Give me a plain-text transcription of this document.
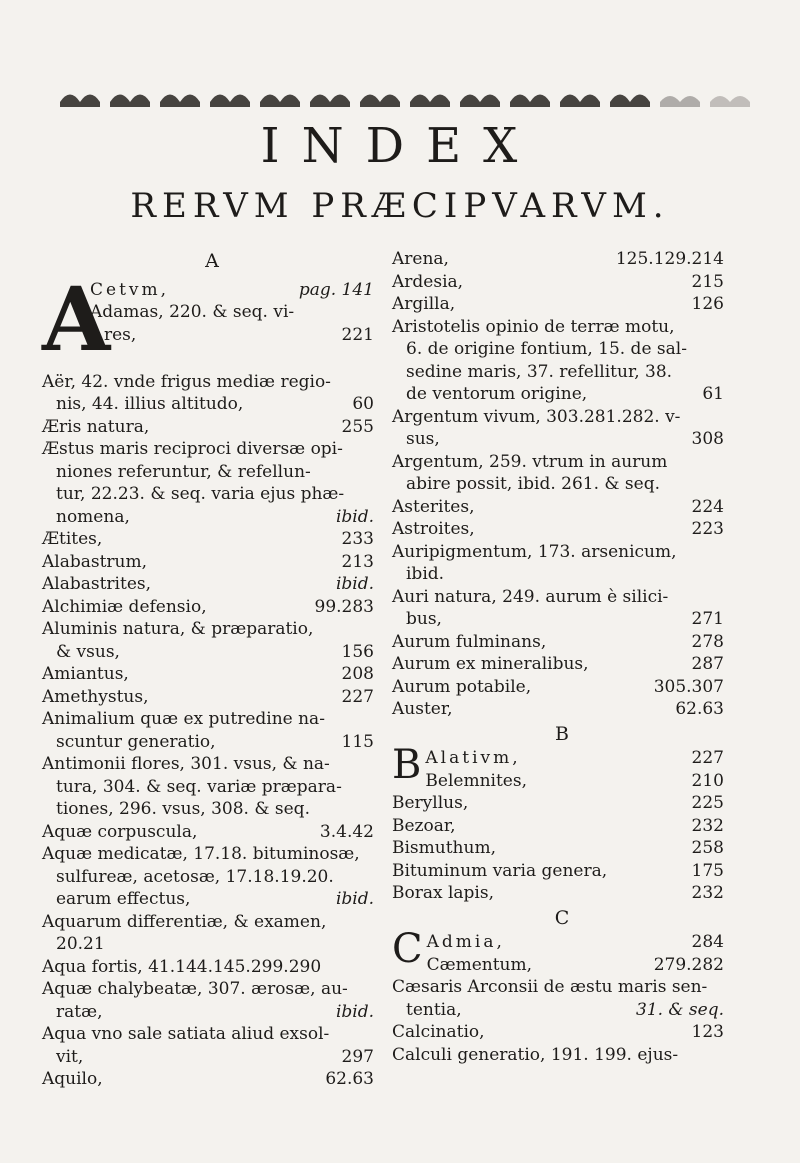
INDEX
RERVM PRÆCIPVARVM.
A
A
Cetvm,	pag. 141
Adamas, 220. & seq. vi-
res,	221
Aër, 42. vnde frigus mediæ regio-
nis, 44. illius altitudo,	60
Æris natura,	255
Æstus maris reciproci diversæ opi-
niones referuntur, & refellun-
tur, 22.23. & seq. varia ejus phæ-
nomena,	ibid.
Ætites,	233
Alabastrum,	213
Alabastrites,	ibid.
Alchimiæ defensio,	99.283
Aluminis natura, & præparatio,
& vsus,	156
Amiantus,	208
Amethystus,	227
Animalium quæ ex putredine na-
scuntur generatio,	115
Antimonii flores, 301. vsus, & na-
tura, 304. & seq. variæ præpara-
tiones, 296. vsus, 308. & seq.
Aquæ corpuscula,	3.4.42
Aquæ medicatæ, 17.18. bituminosæ,
sulfureæ, acetosæ, 17.18.19.20.
earum effectus,	ibid.
Aquarum differentiæ, & examen,
20.21
Aqua fortis, 41.144.145.299.290
Aquæ chalybeatæ, 307. ærosæ, au-
ratæ,	ibid.
Aqua vno sale satiata aliud exsol-
vit,	297
Aquilo,	62.63
Arena,	125.129.214
Ardesia,	215
Argilla,	126
Aristotelis opinio de terræ motu,
6. de origine fontium, 15. de sal-
sedine maris, 37. refellitur, 38.
de ventorum origine,	61
Argentum vivum, 303.281.282. v-
sus,	308
Argentum, 259. vtrum in aurum
abire possit, ibid. 261. & seq.
Asterites,	224
Astroites,	223
Auripigmentum, 173. arsenicum,
ibid.
Auri natura, 249. aurum è silici-
bus,	271
Aurum fulminans,	278
Aurum ex mineralibus,	287
Aurum potabile,	305.307
Auster,	62.63
B
B Alativm,	227
Belemnites,	210
Beryllus,	225
Bezoar,	232
Bismuthum,	258
Bituminum varia genera,	175
Borax lapis,	232
C
C Admia,	284
Cæmentum,	279.282
Cæsaris Arconsii de æstu maris sen-
tentia,	31. & seq.
Calcinatio,	123
Calculi generatio, 191. 199. ejus-
